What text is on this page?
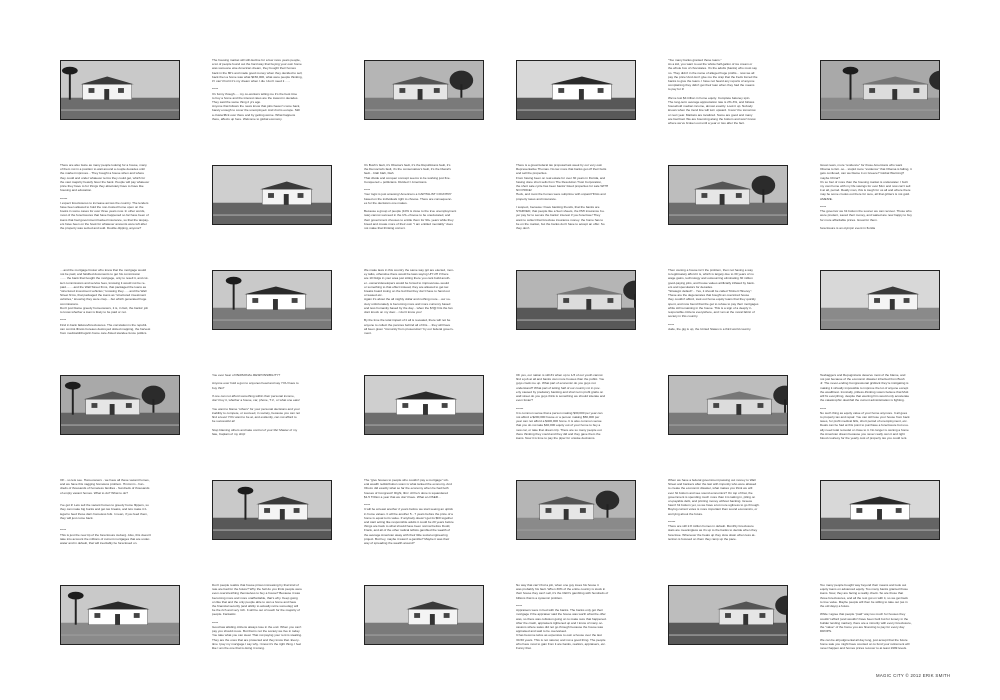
The housing market will still decline for a few more years people,
a lot of people found out the hard way that buying your own home
was someone else American dream, they bought their homes
back in the 80's and made good money when they decided to sell,
back then a home was what $150,000, what were people thinking,
if I can't find it it's my dream when I die I don't need it ......

*****
It's funny though..... my co-workers telling me it's the best time
to buy a home and the interest rates are the lowest in decades.
They said the same thing 2 yrs ago.
Anyone that follows the news know that jobs haven't come back,
barely enough to cover the unemployed. And 2nd is europe. Still
a clusterf#ck over there and by getting worse. What happens
there, affects up here. Welcome to global economy.
"Too many banks granted those loans."
As a kid, you want to eat the whole half-gallon of ice cream or
the whole box of chocolates. It's the adults (banks) who must say
no. They didn't in the name of alleged huge profits... now we all
pay the price! And don't give me the crap that the Feds forced the
banks to give the loans. I have not heard any reports of anyone
complaining they didn't get their loan when they had the means
to pay for it!

We've lost $4 trillion in home equity. Complete baloney spin.
The long-term average appreciation rate is 2%-3%, and follows
household median income, almost exactly. Look it up. Nobody
knows when the trend line will turn upward. It won't be tomorrow
or next year. Markets are localized. Some are good and many
are bad bad. We are bouncing along the bottom and won't know
where we've broken out until a year or two after the fact.
There are also twice as many people looking for a house, many
of them not in a position to wait around a couple decades until
the market improves... They bought a house when and where
they could and under whatever terms they could get, which for
the vast majority heavily favor the bank. People will pay whatever
price they have to for things they absolutely have to have like
housing and education.

******
I expect foreclosures to increase across the country. The lenders
have been allowed to hold the non-trusted home open on the
books in some cases for over three years now. In other words,
most of the foreclosures that have happened so far have been of
loans that had government backed insurance, so that the taxpay-
ers have been on the hook for whatever amounts were left after
the property was seized and sold. Double dipping, anyone?
It's Bush's fault, it's Obama's fault, it's the Republicans fault, it's
the Democrat's fault, it's the conservative's fault, it's the liberal's
fault... blah blah, blah
That divide and conquer concept seems to be working just fine.
Conquered + politicians. Divided = Americans.

*****
Your logic is just amusing! America is a CAPITALIST COUNTRY
based on the individuals right to choose. There are consequenc-
es for the decisions one makes.

Because a group of people (10% is close to the true unemployment
rate) cannot succeed in the US--choose to be uneducated, and
their government chooses to entitle them for 90+ years while they
breed and create more of their own "I am entitled mentality" does
not make that thinking correct.
There is a great federal tax proposal last week by our very own
Representative Thomas. No tax more that banks get off their butts
and sell the properties.
From having been on real estate for over 30 years in Florida, and
having done short sells from The Resolution Trust Corporation,
the short sale cycle has been banks' listed properties for sale WITH
NO PRICE!
Heck, and most the homes were subprime with unpaid HOAs and
property taxes and insurance.

I suspect, because I have banking friends, that the banks are
STARVED, that people like a Sect sheets, the PMI insurance bu-
yer pay for to secure the banks' interest if you foreclose! They
want to collect that foreclose insurance money. the home has to
be on the market, but the banks don't have to accept an offer. So
they don't.
Great news, more "evidence" for those Americans who want
Obama to fail...so... stupid more "evidence" that Obama is failing, it
gets confused, can we blame it on Greece? Global Warming?
maybe China?
It's so foul of more than the housing market is underwater. I built
my own home with my life savings for over $1m and now can't sell
it at all, period. Really man, this is tough for us all and where there
may be some crooks out there for sure, all that gritters is not gold.
AMEN!E.

*****
The governor we hit bottom the sooner we can recover. Those who
were prudent, saved their money, and waited are now happy to buy
for more affordable prices. Great for them.

foreclosure is an olympic event in florida
....and the mortgage broker who knew that the mortgage would
not be paid, and falsified documents to get his commission
....... the bank that bought the mortgage, only to resell it, and col-
lect commissions and service fees, knowing it would not be re-
paid.........and the Wall Street firms, that packaged the loans as
"structured investment vehicles," knowing they.......and the Wall
Street firms, that packaged the loans as "structured investment
vehicles," knowing they were crap.....but which generated huge
commissions.
Don't just blame greedy homeowners, it is, in fact, the banks' job
to know whether a loan is likely to be paid or not.

*****
Find in bank failures/foreclosures. The correlation is the republi-
can control.Illinois bureaus destroyed dotted mapping, the harvest
from medicald/drugs/in home care /listed standee fence politics.
We make laws in this country the same way ppl are elected, mon-
ey talks, otherwise there would be laws saying UH UH if there
are 10 bldgs in your area just sitting there you cant build anoth-
er...owners/developers would be forced to improve/use~would
or something to that effect instead, they are allowed to get tax
breaks board loving on the fed that they don't have to hand out
or leased etc.
Again it's about the all mighty dollar and nothing more....our so-
ciety unfortunately is becoming more and more currency based
and less humanity based by the day... when the $!!@ hits the fan
dont knock on my door....I don't know you!

By the time the total impact of it all is revealed, there will not be
anyone to collect the pennies behind all of this.... they will have
all been given "immunity from prosecution" by our federal govern-
ment.
Then owning a house isn't the problem, then not having a way
to legitimately afford it is, which is largely due to 30 years of no
wage gains, technology and outsourcing eliminating 30 million
good-paying jobs, and house values artificially inflated by bank-
ers and speculators for decades.
"Strategic default"... Yes, it should be called "Robert Hinerey".
These are the degenerates that bought an oversized house
they couldn't afford, took out home equity loans that they quickly
spent, and now found that the get to refuse to pay their mortgages
while still remaining in the house. This is a sign of a deeply ir-
responsible citizens everywhere, and I am at the moral fabric of
society in this country.

*****
dude, the gig is up, the United States is a third world country.
You ever hear of PERSONAL RESPONSIBILITY?

Anyone ever hold a gun to anyones head and say YOU have to
buy this?

If one can not afford something within their personal income,
don't buy it, whether a house, car, phone, T.V., or what one eats!

You want to blame "others" for your personal decisions and your
inability to compete, or succeed, in society, because you can not
find a level YOU want to be at, and evidently, can not afford to
be successful at!

Stop blaming others and take control of your life! Master of my
fate, Captain of my ship!
Oh yes, our nation is still #1 when up to 1/3 of our youth cannot
find a job at all and banks own more houses than the public. You
guys crack me up. What part of economic do you guys not
understand? What part of letting half of our country rot in pov-
erty caused by predatory banking and short term profit grabs on
wall street do you guys think is something we should tolerate and
even foster?

******
It is common sense that a person making $30,000 per year can
not afford a $200,000 house or a person making $50,000 per
year can not afford a $400,000 home. It is also common sense
that you do not take $40,000 equity out of your home to buy a
new car, or take that dream trip. There are so many people out
there thinking they could and they did and they gave them the
loans. Now it is time to pay the piper for unwise decisions.
Teabaggers and Repugnicans deserve most of the blame, and
not just because of the economic disaster inherited from Bush
Jr. The never-ending Congressional gridlock they're instigating is
making it virtually impossible to improve the lot of anyone except
the wealthiest. Ironically, pitiless-thinking voters believe that Mutt
will fix everything, despite that electing him would only accelerate
the catastrophic downfall the current administration is fighting.

*****
No such thing as equity value of your home anymore. It all goes
to property tax and repair. You can still lose your house from back
taxes, for profit medical bills, short period of unemployment, etc.
Deals can be had at this point to purchase a foreclosure but usu-
ally need total remodel or close to it. No longer is owning a home
the American dream because you never really own it and right
blood courtesy for the yearly cost of property tax you could rent.
OK - so lets see. Homeowners - we have all these vacant homes,
and we have this nagging homeless problem. Hmmmm - hun-
dreds of thousands of homeless families - hundreds of thousands
of empty vacant homes. What to do? What to do?

I've got it! Lets sell the vacant homes to greedy home flippers, so
they can make big bucks and get tax breaks, and lets make it il-
legal to feed those darn homeless folk. I mean, if you feed them,
they will just come back.

*****
This is just the new tip of the foreclosure iceberg. Also, this doesn't
take into account the millions of current mortgages that are under-
water and in default, that will inevitably be foreclosed on.
The "give houses to people who couldn't pay a mortgage" Lib-
eral wealth redistribution scam is what tanked the economy. And
Obozo did exactly what so far the economy when he had both
houses of Congress!! Right, libs!. All he's done is squandered
$1.5 Trillion a year that we don't have. What a LOSER...

*****
It will be at least another 2 years before we start seeing an uptick
in home values. It will be another 5 - 7 years before the price of a
home is equal to its value. If anybody doesn't get its $h0 together
and start acting like responsible adults it could be 20 years before
things are back to what should have been normal before Dodd,
Frank, and all of the other radical leftists gambled the wealth of
the average American away with their little social engineering
project. But hey, maybe it wasn't a gamble? Maybe it was their
way of spreading the wealth around?
When we have a federal government passing out money to Wall
Street and bankers after the last with impunity who were allowed
to create the economic disaster, what makes you think we will
ever hit bottom and see sound economics? On top of that, the
government is spending much more than it is taking in, piling on
un-payable debt, and printing money without backing. Greece
hasn't hit bottom yet, so we have a lot more ugliness to go through.
Buying current votes is more important than sound economics, or
worrying about the future.

******
There are still 2.8 million homes in default. Monthly foreclosure
stats are meaningless as it's up to the banks to decide when they
foreclose. Whenever the heats up they slow down when less at-
tention is focused on them they ramp up the pace.
Don't people realize that house prices increasing by that kind of
rate are bad for the future? Why the hell do you think people were
even overstretching themselves to buy a house? Because it was
becoming more and more unaffordable, that's why. Keep going
on like that and the only people able to own a home and have
the financial security (and ability to actually retire someday) will
be the rich and very rich. It will be out of reach for the majority of
people. Fantastic.

*****
Good law abiding citizens always lose in the end. When you can't
pay you should move. But that is not the society we live in today.
You take what you can steal. That not paying your rent is stealing.
They are the ones that are protected and they know that. Every-
time I pay my mortgage I say why. I know it's the right thing. I feel
like I am the one that is doing it wrong.
No way that can't find a job, when one guy loses his house it
was probably his fault. When 30% of the entire country is stuck in
their house they can't sell, it's the CEO's gambling with hundreds of
billions that is a systemic problem.

*****
Appraisers were in bed with the banks. The banks only got their
mortgage if the appraiser said the house was worth what the offer
was, so there was collusion going on to make sure that happened.
After the crash, appraisers tightened up and I know of many oc-
casions where sales did not go through because the house was
appraised and said to be overvalued.
It has become twice as expensive to own a house over the last
30-50 years. This is not natural, and not a good thing. The people
who have most to gain from it are banks, realtors, appraisers, etc.
Funny that.
Too many people bought way beyond their means and took out
equity loans on advanced equity. Too many banks granted those
loans. Now, they are facing a reality check. So are those that
those foreclosures, and all the rest got on with it, so we get back
to true value. Maybe people will then be willing to take out (as in
the old days) a future.

While I agree that people "paid" way too much for houses they
couldn't afford (and wouldn't have been built but for lunacy in the
builder lending market), there are a minority with every foreclosure,
the "value" of the home you are financing to pay for every day
DROPS.

We can be all judgmental all day long, just accept that the future
home sale you might have counted on to fund your retirement will
never happen and homes prices recover to at least 1999 levels.
MAGIC CITY © 2012 ERIK SMITH
